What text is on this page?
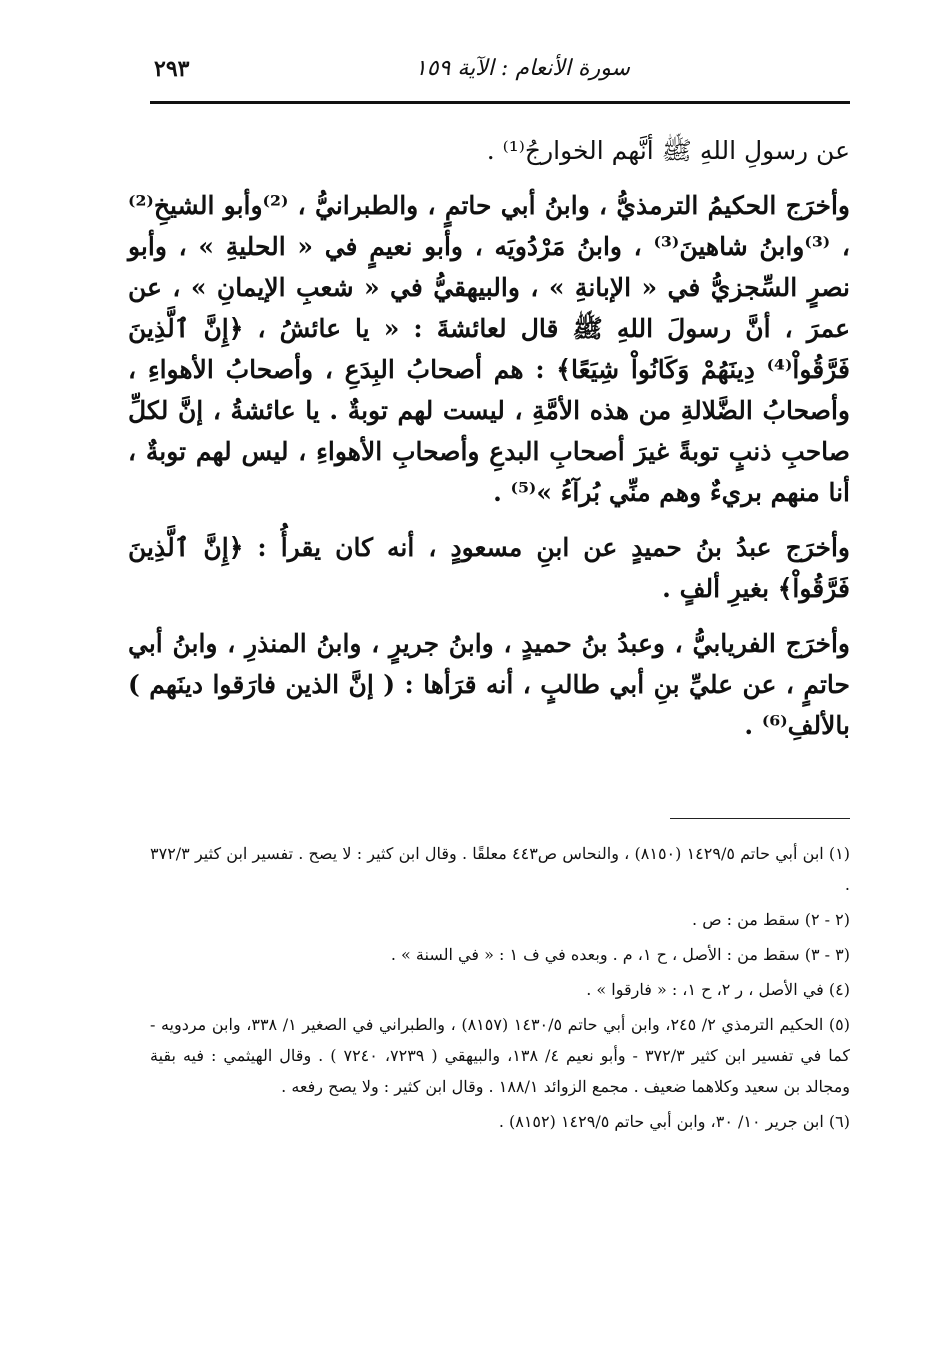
سورة الأنعام : الآية ١٥٩
٢٩٣

عن رسولِ اللهِ ﷺ أنَّهم الخوارجُ⁽¹⁾ .

وأخرَج الحكيمُ الترمذيُّ ، وابنُ أبي حاتمٍ ، والطبرانيُّ ، ⁽²⁾وأبو الشيخِ⁽²⁾ ، ⁽³⁾وابنُ شاهينَ⁽³⁾ ، وابنُ مَرْدُويَه ، وأبو نعيمٍ في « الحليةِ » ، وأبو نصرٍ السِّجزيُّ في « الإبانةِ » ، والبيهقيُّ في « شعبِ الإيمانِ » ، عن عمرَ ، أنَّ رسولَ اللهِ ﷺ قال لعائشةَ : « يا عائشُ ، ﴿إِنَّ ٱلَّذِينَ فَرَّقُواْ⁽⁴⁾ دِينَهُمْ وَكَانُواْ شِيَعًا﴾ : هم أصحابُ البِدَعِ ، وأصحابُ الأهواءِ ، وأصحابُ الضَّلالةِ من هذه الأمَّةِ ، ليست لهم توبةٌ . يا عائشةُ ، إنَّ لكلِّ صاحبِ ذنبٍ توبةً غيرَ أصحابِ البدعِ وأصحابِ الأهواءِ ، ليس لهم توبةٌ ، أنا منهم بريءٌ وهم منِّي بُرآءُ »⁽⁵⁾ .

وأخرَج عبدُ بنُ حميدٍ عن ابنِ مسعودٍ ، أنه كان يقرأُ : ﴿إِنَّ ٱلَّذِينَ فَرَّقُواْ﴾ بغيرِ ألفٍ .

وأخرَج الفريابيُّ ، وعبدُ بنُ حميدٍ ، وابنُ جريرٍ ، وابنُ المنذرِ ، وابنُ أبي حاتمٍ ، عن عليِّ بنِ أبي طالبٍ ، أنه قرَأها : ( إنَّ الذين فارَقوا دينَهم ) بالألفِ⁽⁶⁾ .

(١) ابن أبي حاتم ١٤٢٩/٥ (٨١٥٠) ، والنحاس ص٤٤٣ معلقًا . وقال ابن كثير : لا يصح . تفسير ابن كثير ٣٧٢/٣ .
(٢ - ٢) سقط من : ص .
(٣ - ٣) سقط من : الأصل ، ح ١، م . وبعده في ف ١ : « في السنة » .
(٤) في الأصل ، ر ٢، ح ١، : « فارقوا » .
(٥) الحكيم الترمذي ٢/ ٢٤٥، وابن أبي حاتم ١٤٣٠/٥ (٨١٥٧) ، والطبراني في الصغير ١/ ٣٣٨، وابن مردويه - كما في تفسير ابن كثير ٣٧٢/٣ - وأبو نعيم ٤/ ١٣٨، والبيهقي ( ٧٢٣٩، ٧٢٤٠ ) . وقال الهيثمي : فيه بقية ومجالد بن سعيد وكلاهما ضعيف . مجمع الزوائد ١٨٨/١ . وقال ابن كثير : ولا يصح رفعه .
(٦) ابن جرير ١٠/ ٣٠، وابن أبي حاتم ١٤٢٩/٥ (٨١٥٢) .
